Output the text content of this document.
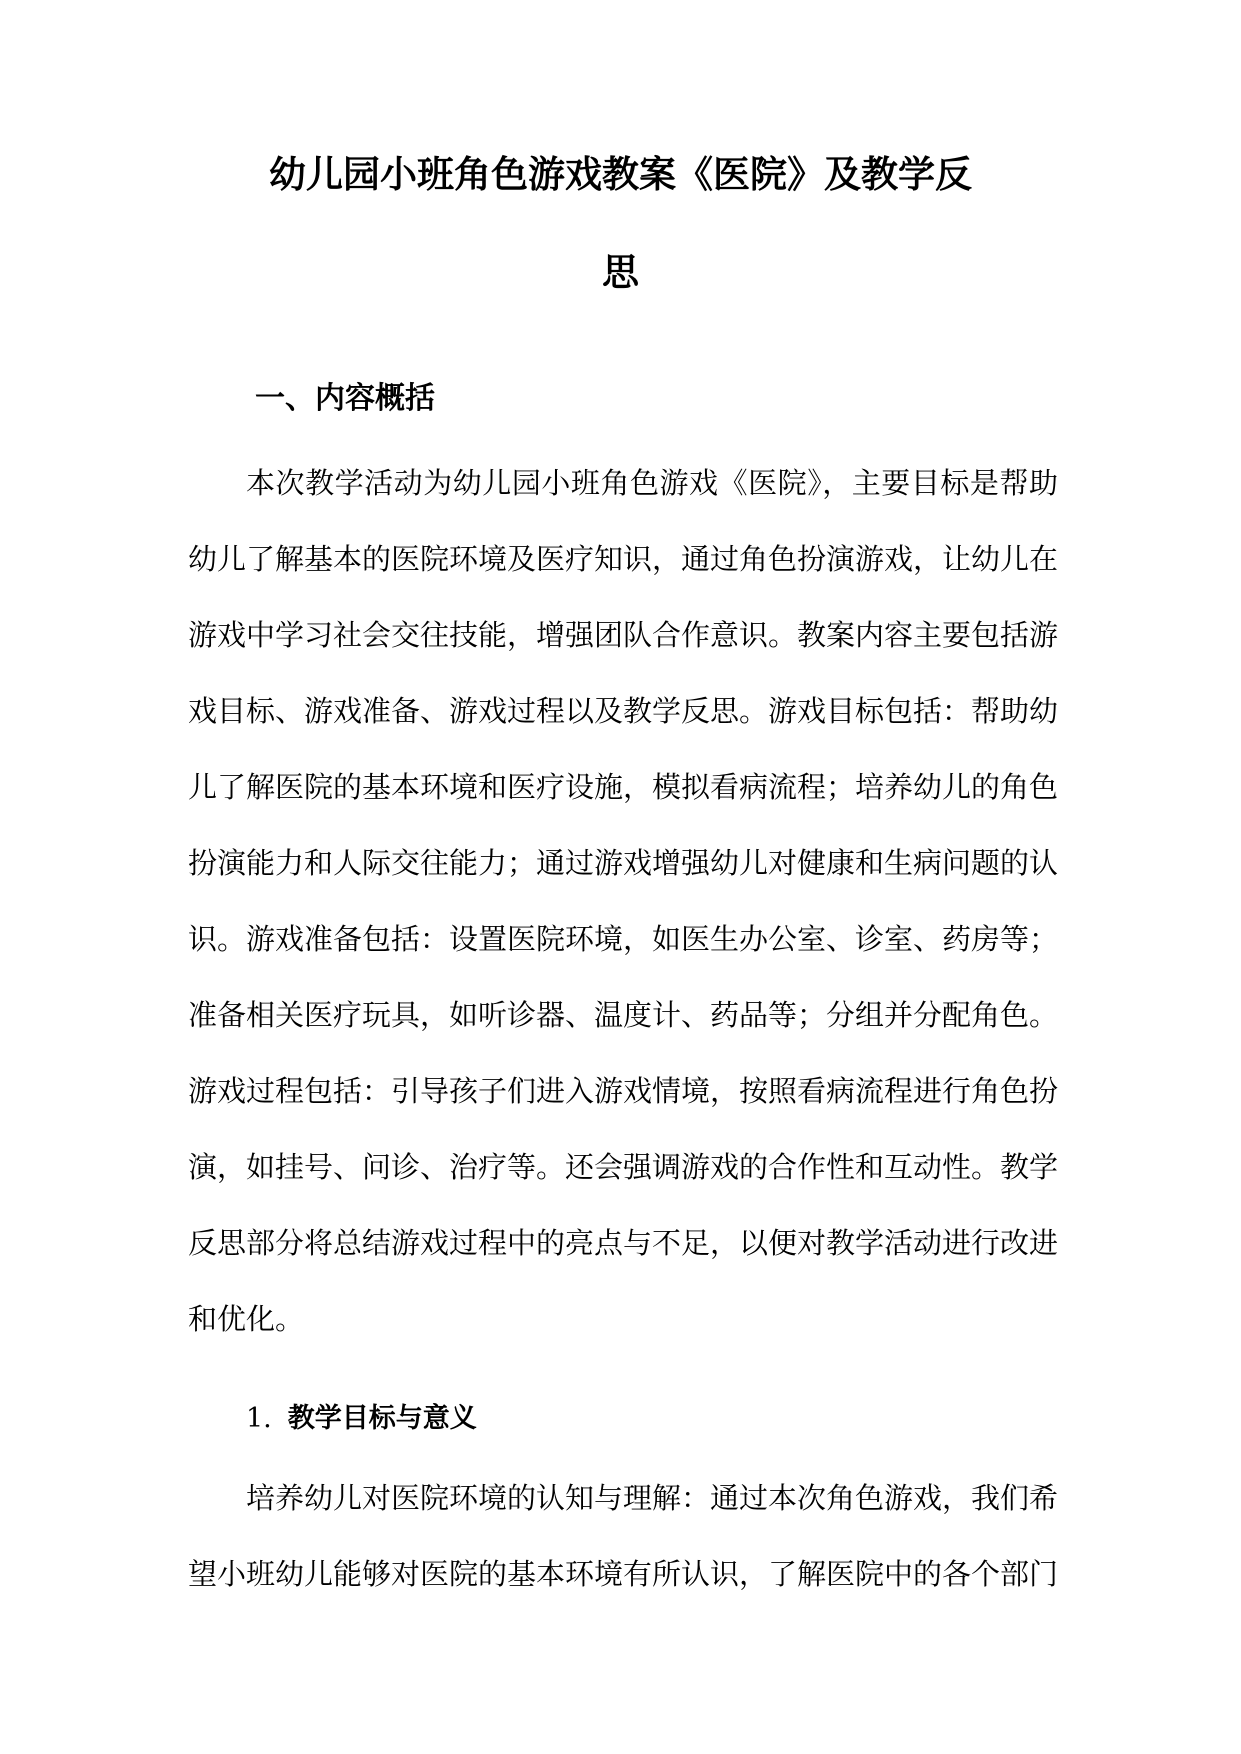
幼儿园小班角色游戏教案《医院》及教学反
思
一、内容概括

本次教学活动为幼儿园小班角色游戏《医院》，主要目标是帮助幼儿了解基本的医院环境及医疗知识，通过角色扮演游戏，让幼儿在游戏中学习社会交往技能，增强团队合作意识。教案内容主要包括游戏目标、游戏准备、游戏过程以及教学反思。游戏目标包括：帮助幼儿了解医院的基本环境和医疗设施，模拟看病流程；培养幼儿的角色扮演能力和人际交往能力；通过游戏增强幼儿对健康和生病问题的认识。游戏准备包括：设置医院环境，如医生办公室、诊室、药房等；准备相关医疗玩具，如听诊器、温度计、药品等；分组并分配角色。游戏过程包括：引导孩子们进入游戏情境，按照看病流程进行角色扮演，如挂号、问诊、治疗等。还会强调游戏的合作性和互动性。教学反思部分将总结游戏过程中的亮点与不足，以便对教学活动进行改进和优化。

1. 教学目标与意义

培养幼儿对医院环境的认知与理解：通过本次角色游戏，我们希望小班幼儿能够对医院的基本环境有所认识，了解医院中的各个部门
